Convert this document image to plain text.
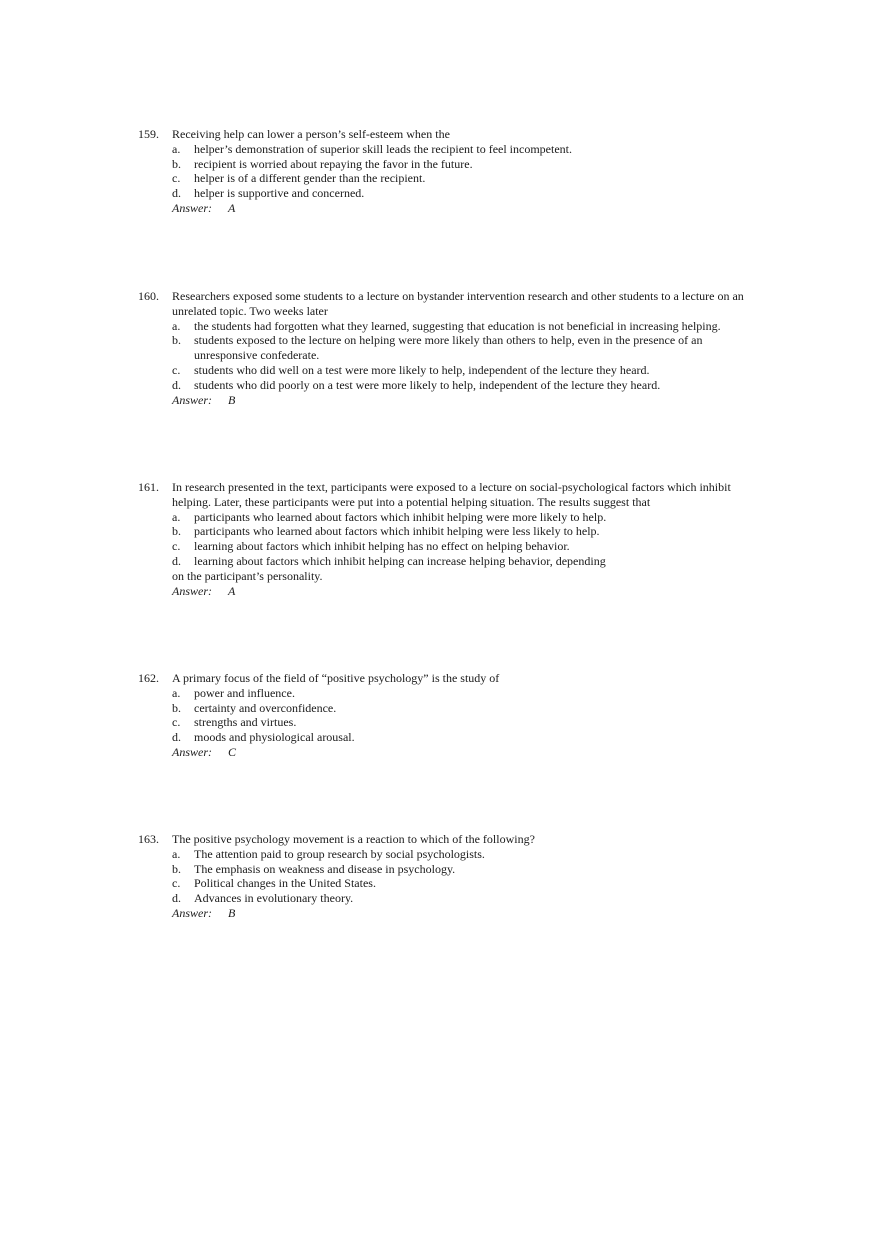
159.	Receiving help can lower a person’s self-esteem when the
a.	helper’s demonstration of superior skill leads the recipient to feel incompetent.
b.	recipient is worried about repaying the favor in the future.
c.	helper is of a different gender than the recipient.
d.	helper is supportive and concerned.
Answer: A
160.	Researchers exposed some students to a lecture on bystander intervention research and other students to a lecture on an unrelated topic. Two weeks later
a.	the students had forgotten what they learned, suggesting that education is not beneficial in increasing helping.
b.	students exposed to the lecture on helping were more likely than others to help, even in the presence of an unresponsive confederate.
c.	students who did well on a test were more likely to help, independent of the lecture they heard.
d.	students who did poorly on a test were more likely to help, independent of the lecture they heard.
Answer: B
161.	In research presented in the text, participants were exposed to a lecture on social-psychological factors which inhibit helping. Later, these participants were put into a potential helping situation. The results suggest that
a.	participants who learned about factors which inhibit helping were more likely to help.
b.	participants who learned about factors which inhibit helping were less likely to help.
c.	learning about factors which inhibit helping has no effect on helping behavior.
d.	learning about factors which inhibit helping can increase helping behavior, depending
on the participant’s personality.
Answer: A
162.	A primary focus of the field of “positive psychology” is the study of
a.	power and influence.
b.	certainty and overconfidence.
c.	strengths and virtues.
d.	moods and physiological arousal.
Answer: C
163.	The positive psychology movement is a reaction to which of the following?
a.	The attention paid to group research by social psychologists.
b.	The emphasis on weakness and disease in psychology.
c.	Political changes in the United States.
d.	Advances in evolutionary theory.
Answer: B
